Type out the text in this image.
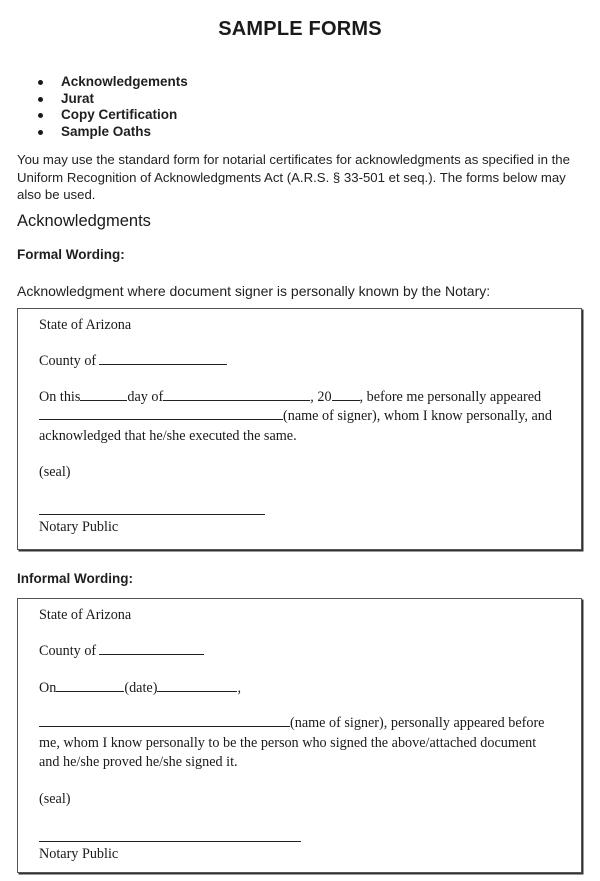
SAMPLE FORMS
Acknowledgements
Jurat
Copy Certification
Sample Oaths
You may use the standard form for notarial certificates for acknowledgments as specified in the Uniform Recognition of Acknowledgments Act (A.R.S. § 33-501 et seq.). The forms below may also be used.
Acknowledgments
Formal Wording:
Acknowledgment where document signer is personally known by the Notary:
State of Arizona
County of
On this	day of	, 20 , before me personally appeared
(name of signer), whom I know personally, and
acknowledged that he/she executed the same.
(seal)
Notary Public
Informal Wording:
State of Arizona
County of
On	(date)	,
(name of signer), personally appeared before
me, whom I know personally to be the person who signed the above/attached document
and he/she proved he/she signed it.
(seal)
Notary Public
